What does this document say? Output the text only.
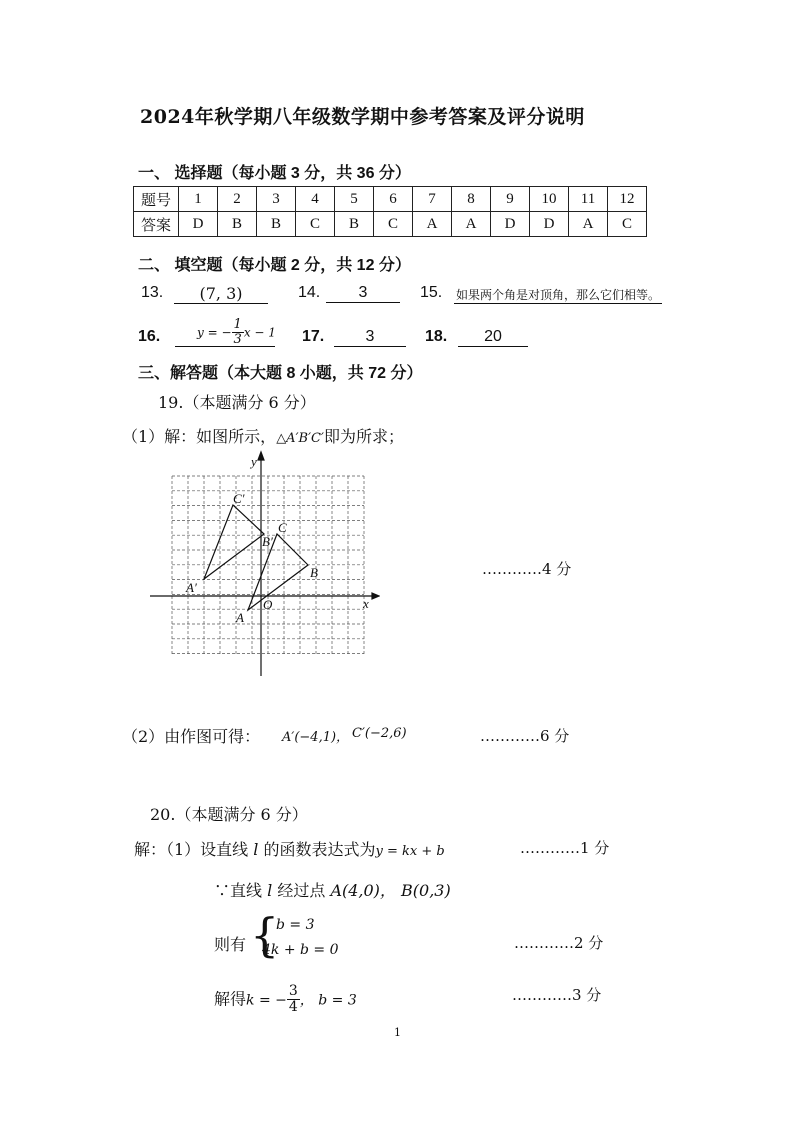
2024年秋学期八年级数学期中参考答案及评分说明
一、 选择题（每小题 3 分，共 36 分）
题号	1	2	3	4	5	6	7	8	9	10	11	12
答案	D	B	B	C	B	C	A	A	D	D	A	C
二、 填空题（每小题 2 分，共 12 分）
13.	(7, 3)	14.	3	15. 如果两个角是对顶角，那么它们相等。
16.	y = − $\frac{1}{3}$ x − 1 17.	3	18.	20
三、解答题（本大题 8 小题，共 72 分）
19.（本题满分 6 分）
（1）解：如图所示，△A′B′C′即为所求；
x
y
O
A
B
C
A′
B′
C′
…………4 分
（2）由作图可得： A′(−4,1)， C′(−2,6)	…………6 分
20.（本题满分 6 分）
解：（1）设直线 l 的函数表达式为y = kx + b	…………1 分
∵直线 l 经过点 A(4,0)， B(0,3)
则有 {
b = 3
4k + b = 0	…………2 分
解得k = − $\frac{3}{4}$ ， b = 3	…………3 分
1
